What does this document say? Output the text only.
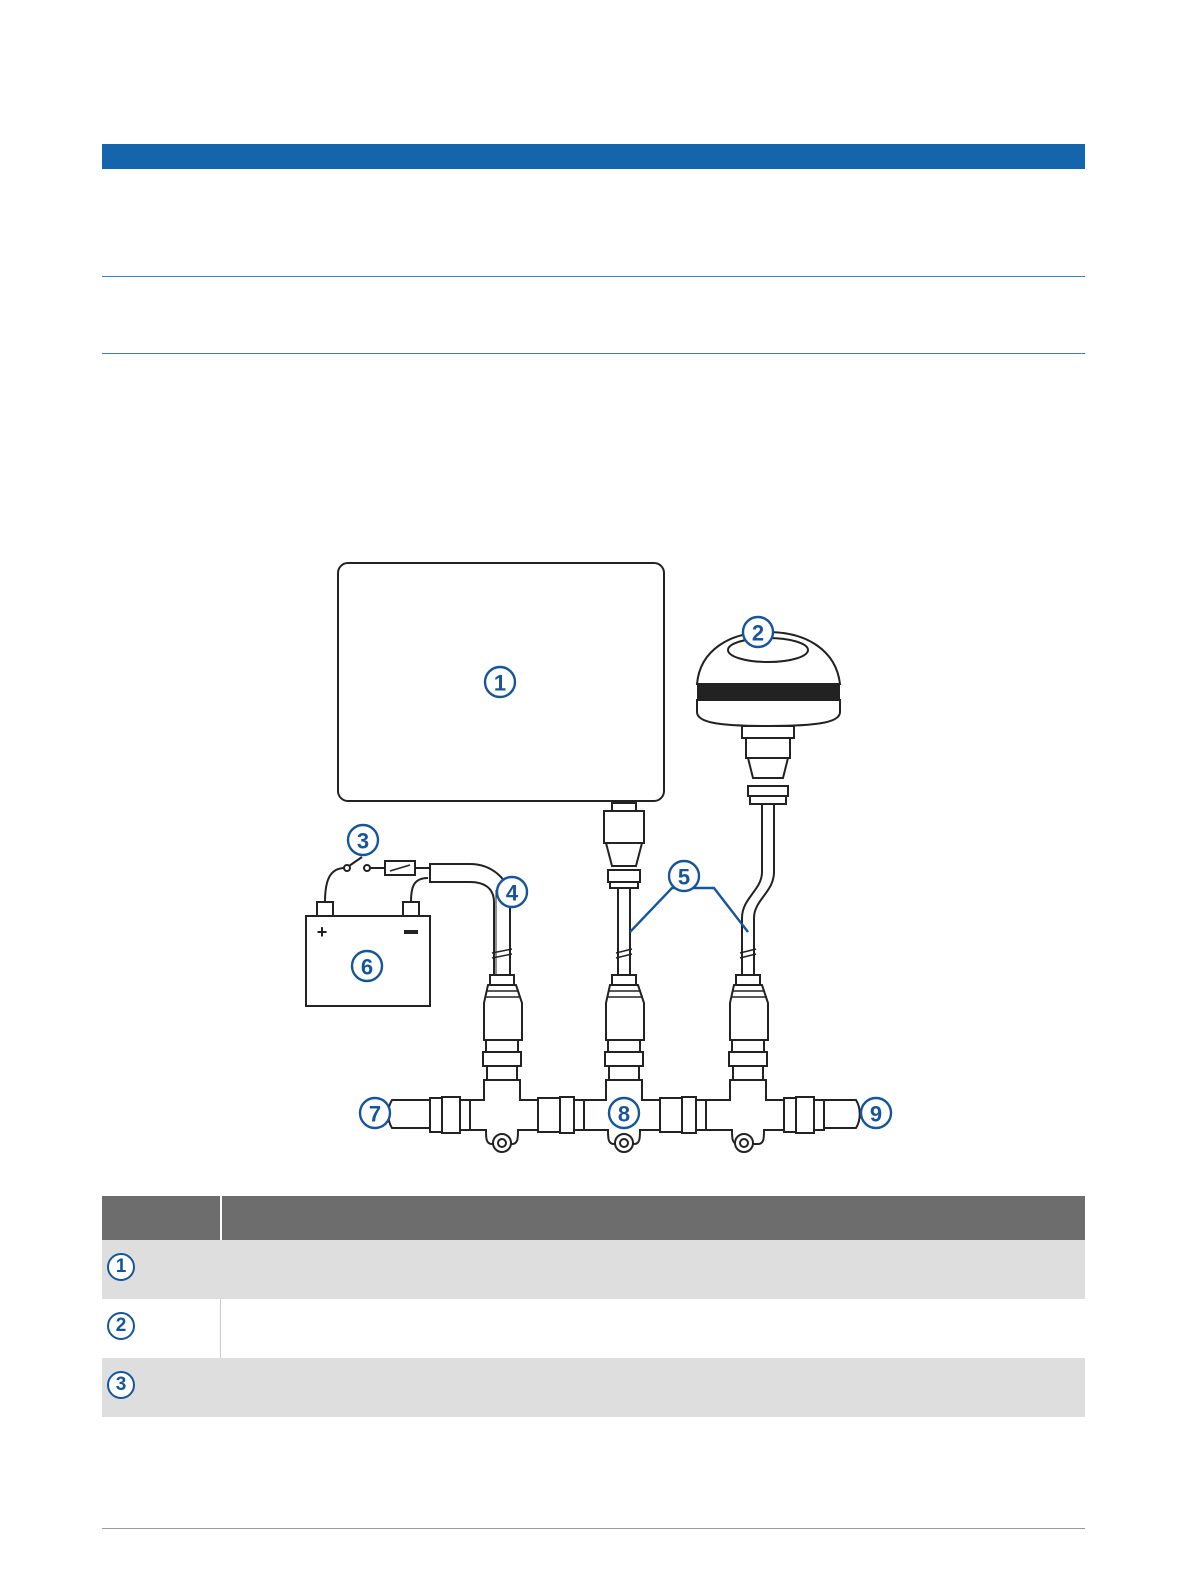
+
1
2
3
4
5
6
7	8	9
1
2
3
